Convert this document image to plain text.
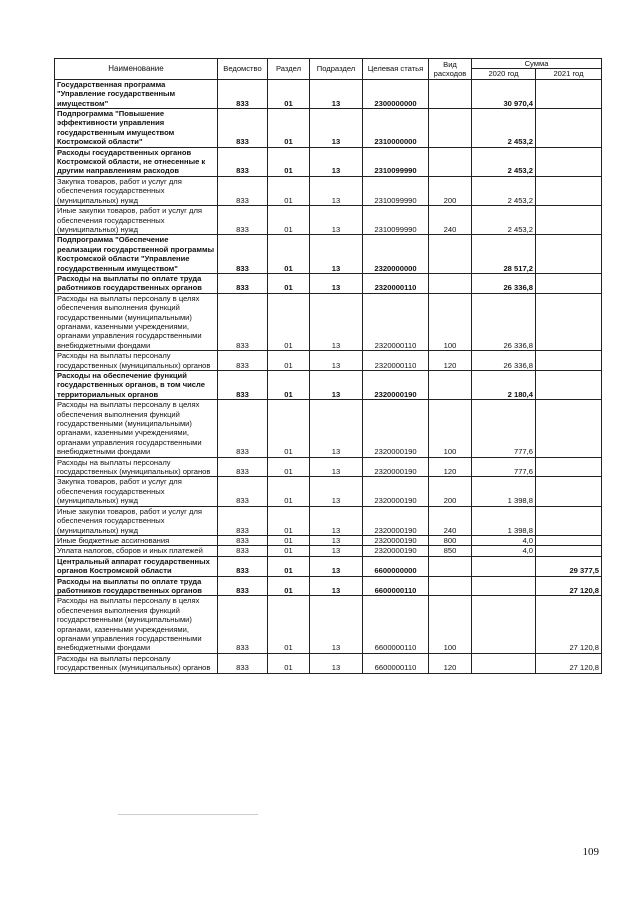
Наименование	Ведомство	Раздел	Подраздел	Целевая статья	Вид расходов	Сумма	
						2020 год	2021 год
Государственная программа "Управление государственным имуществом"	833	01	13	2300000000		30 970,4	
Подпрограмма "Повышение эффективности управления государственным имуществом Костромской области"	833	01	13	2310000000		2 453,2	
Расходы государственных органов Костромской области, не отнесенные к другим направлениям расходов	833	01	13	2310099990		2 453,2	
Закупка товаров, работ и услуг для обеспечения государственных (муниципальных) нужд	833	01	13	2310099990	200	2 453,2	
Иные закупки товаров, работ и услуг для обеспечения государственных (муниципальных) нужд	833	01	13	2310099990	240	2 453,2	
Подпрограмма "Обеспечение реализации государственной программы Костромской области "Управление государственным имуществом"	833	01	13	2320000000		28 517,2	
Расходы на выплаты по оплате труда работников государственных органов	833	01	13	2320000110		26 336,8	
Расходы на выплаты персоналу в целях обеспечения выполнения функций государственными (муниципальными) органами, казенными учреждениями, органами управления государственными внебюджетными фондами	833	01	13	2320000110	100	26 336,8	
Расходы на выплаты персоналу государственных (муниципальных) органов	833	01	13	2320000110	120	26 336,8	
Расходы на обеспечение функций государственных органов, в том числе территориальных органов	833	01	13	2320000190		2 180,4	
Расходы на выплаты персоналу в целях обеспечения выполнения функций государственными (муниципальными) органами, казенными учреждениями, органами управления государственными внебюджетными фондами	833	01	13	2320000190	100	777,6	
Расходы на выплаты персоналу государственных (муниципальных) органов	833	01	13	2320000190	120	777,6	
Закупка товаров, работ и услуг для обеспечения государственных (муниципальных) нужд	833	01	13	2320000190	200	1 398,8	
Иные закупки товаров, работ и услуг для обеспечения государственных (муниципальных) нужд	833	01	13	2320000190	240	1 398,8	
Иные бюджетные ассигнования	833	01	13	2320000190	800	4,0	
Уплата налогов, сборов и иных платежей	833	01	13	2320000190	850	4,0	
Центральный аппарат государственных органов Костромской области	833	01	13	6600000000			29 377,5
Расходы на выплаты по оплате труда работников государственных органов	833	01	13	6600000110			27 120,8
Расходы на выплаты персоналу в целях обеспечения выполнения функций государственными (муниципальными) органами, казенными учреждениями, органами управления государственными внебюджетными фондами	833	01	13	6600000110	100		27 120,8
Расходы на выплаты персоналу государственных (муниципальных) органов	833	01	13	6600000110	120		27 120,8
109
